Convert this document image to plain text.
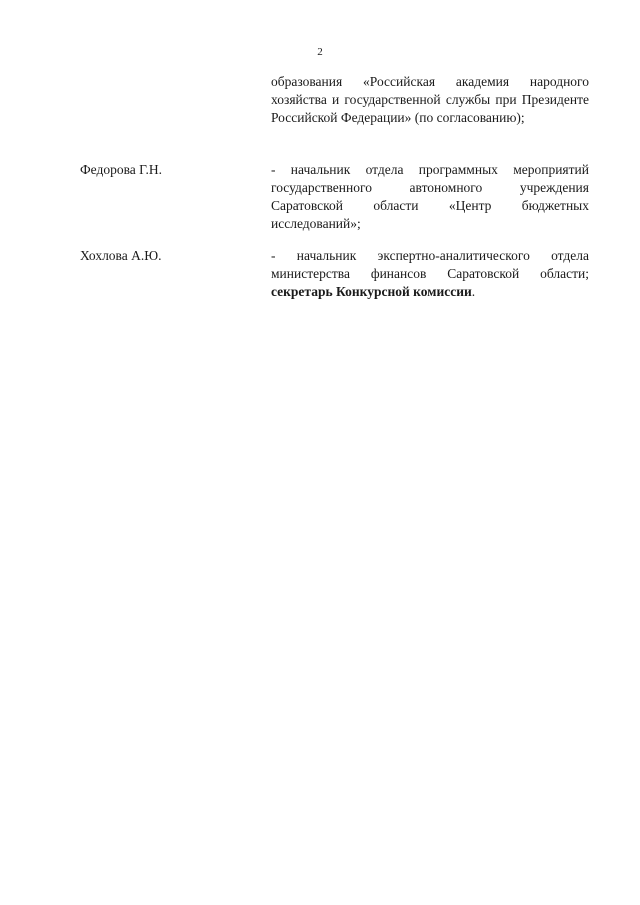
2
образования «Российская академия народного хозяйства и государственной службы при Президенте Российской Федерации» (по согласованию);
Федорова Г.Н.	- начальник отдела программных мероприятий государственного автономного учреждения Саратовской области «Центр бюджетных исследований»;
Хохлова А.Ю.	- начальник экспертно-аналитического отдела министерства финансов Саратовской области; секретарь Конкурсной комиссии.
